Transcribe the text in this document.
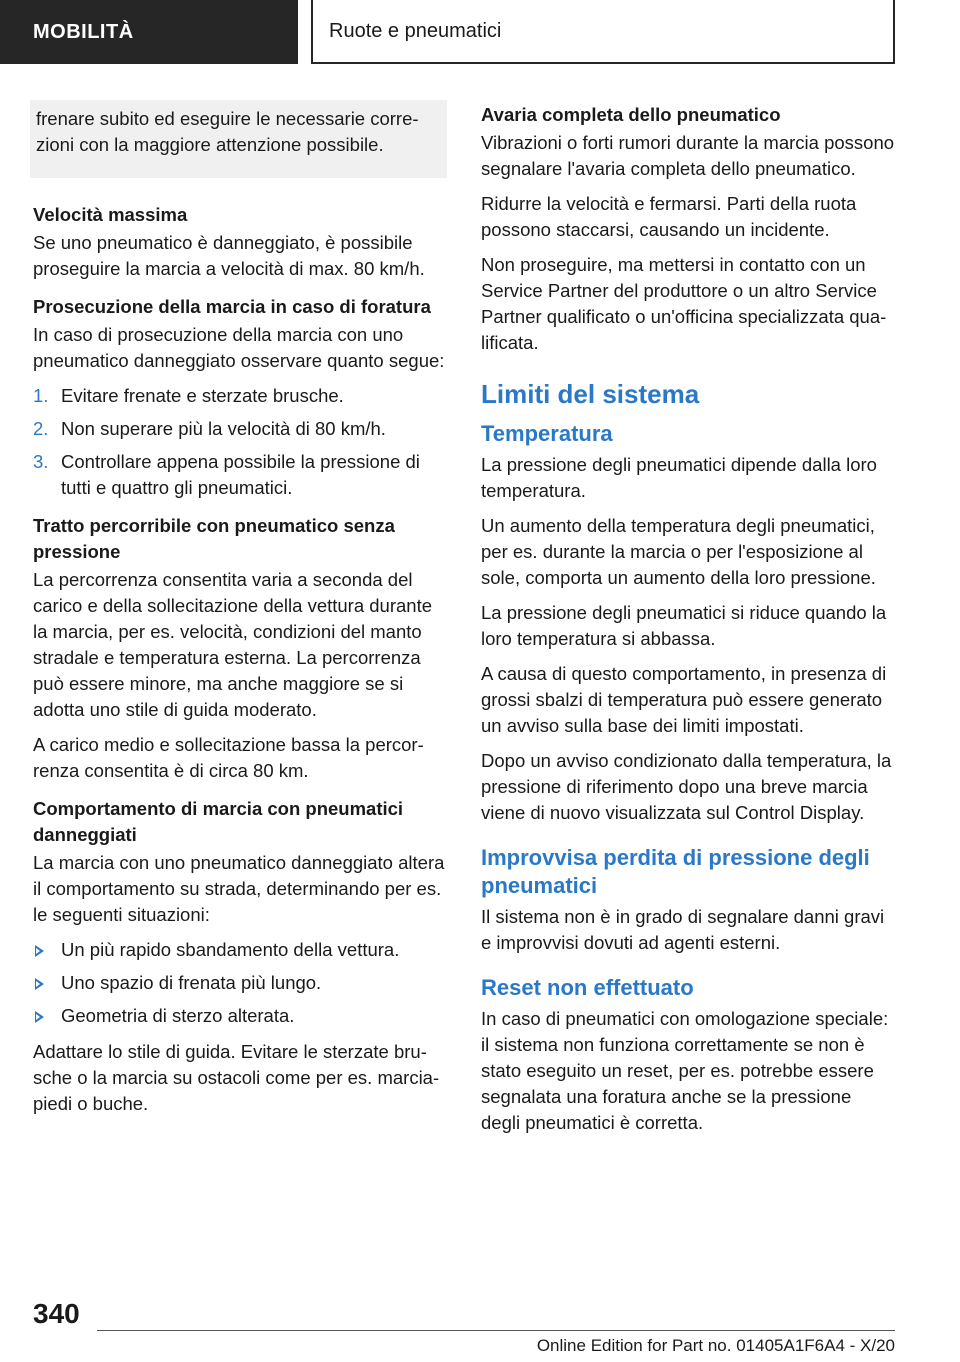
MOBILITÀ	Ruote e pneumatici
frenare subito ed eseguire le necessarie correzioni con la maggiore attenzione possibile.
Velocità massima

Se uno pneumatico è danneggiato, è possibile proseguire la marcia a velocità di max. 80 km/h.

Prosecuzione della marcia in caso di foratura

In caso di prosecuzione della marcia con uno pneumatico danneggiato osservare quanto segue:

1. Evitare frenate e sterzate brusche.
2. Non superare più la velocità di 80 km/h.
3. Controllare appena possibile la pressione di tutti e quattro gli pneumatici.
Tratto percorribile con pneumatico senza pressione

La percorrenza consentita varia a seconda del carico e della sollecitazione della vettura durante la marcia, per es. velocità, condizioni del manto stradale e temperatura esterna. La percorrenza può essere minore, ma anche maggiore se si adotta uno stile di guida moderato.

A carico medio e sollecitazione bassa la percorrenza consentita è di circa 80 km.

Comportamento di marcia con pneumatici danneggiati

La marcia con uno pneumatico danneggiato altera il comportamento su strada, determinando per es. le seguenti situazioni:

Un più rapido sbandamento della vettura.
Uno spazio di frenata più lungo.
Geometria di sterzo alterata.

Adattare lo stile di guida. Evitare le sterzate brusche o la marcia su ostacoli come per es. marciapiedi o buche.

Avaria completa dello pneumatico

Vibrazioni o forti rumori durante la marcia possono segnalare l'avaria completa dello pneumatico.

Ridurre la velocità e fermarsi. Parti della ruota possono staccarsi, causando un incidente.

Non proseguire, ma mettersi in contatto con un Service Partner del produttore o un altro Service Partner qualificato o un'officina specializzata qualificata.

Limiti del sistema
Temperatura

La pressione degli pneumatici dipende dalla loro temperatura.

Un aumento della temperatura degli pneumatici, per es. durante la marcia o per l'esposizione al sole, comporta un aumento della loro pressione.

La pressione degli pneumatici si riduce quando la loro temperatura si abbassa.

A causa di questo comportamento, in presenza di grossi sbalzi di temperatura può essere generato un avviso sulla base dei limiti impostati.

Dopo un avviso condizionato dalla temperatura, la pressione di riferimento dopo una breve marcia viene di nuovo visualizzata sul Control Display.

Improvvisa perdita di pressione degli pneumatici

Il sistema non è in grado di segnalare danni gravi e improvvisi dovuti ad agenti esterni.

Reset non effettuato

In caso di pneumatici con omologazione speciale: il sistema non funziona correttamente se non è stato eseguito un reset, per es. potrebbe essere segnalata una foratura anche se la pressione degli pneumatici è corretta.

340
Online Edition for Part no. 01405A1F6A4 - X/20
